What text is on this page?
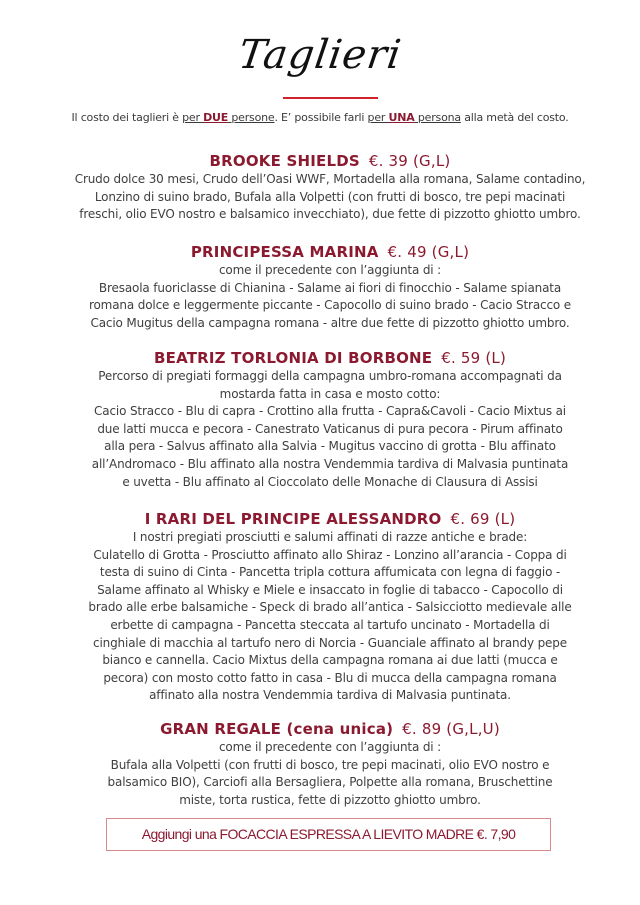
Taglieri
Il costo dei taglieri è per DUE persone. E’ possibile farli per UNA persona alla metà del costo.
BROOKE SHIELDS €. 39 (G,L)
Crudo dolce 30 mesi, Crudo dell’Oasi WWF, Mortadella alla romana, Salame contadino,
Lonzino di suino brado, Bufala alla Volpetti (con frutti di bosco, tre pepi macinati
freschi, olio EVO nostro e balsamico invecchiato), due fette di pizzotto ghiotto umbro.
PRINCIPESSA MARINA €. 49 (G,L)
come il precedente con l’aggiunta di :
Bresaola fuoriclasse di Chianina - Salame ai fiori di finocchio - Salame spianata
romana dolce e leggermente piccante - Capocollo di suino brado - Cacio Stracco e
Cacio Mugitus della campagna romana - altre due fette di pizzotto ghiotto umbro.
BEATRIZ TORLONIA DI BORBONE €. 59 (L)
Percorso di pregiati formaggi della campagna umbro-romana accompagnati da
mostarda fatta in casa e mosto cotto:
Cacio Stracco - Blu di capra - Crottino alla frutta - Capra&Cavoli - Cacio Mixtus ai
due latti mucca e pecora - Canestrato Vaticanus di pura pecora - Pirum affinato
alla pera - Salvus affinato alla Salvia - Mugitus vaccino di grotta - Blu affinato
all’Andromaco - Blu affinato alla nostra Vendemmia tardiva di Malvasia puntinata
e uvetta - Blu affinato al Cioccolato delle Monache di Clausura di Assisi
I RARI DEL PRINCIPE ALESSANDRO €. 69 (L)
I nostri pregiati prosciutti e salumi affinati di razze antiche e brade:
Culatello di Grotta - Prosciutto affinato allo Shiraz - Lonzino all’arancia - Coppa di
testa di suino di Cinta - Pancetta tripla cottura affumicata con legna di faggio -
Salame affinato al Whisky e Miele e insaccato in foglie di tabacco - Capocollo di
brado alle erbe balsamiche - Speck di brado all’antica - Salsicciotto medievale alle
erbette di campagna - Pancetta steccata al tartufo uncinato - Mortadella di
cinghiale di macchia al tartufo nero di Norcia - Guanciale affinato al brandy pepe
bianco e cannella. Cacio Mixtus della campagna romana ai due latti (mucca e
pecora) con mosto cotto fatto in casa - Blu di mucca della campagna romana
affinato alla nostra Vendemmia tardiva di Malvasia puntinata.
GRAN REGALE (cena unica) €. 89 (G,L,U)
come il precedente con l’aggiunta di :
Bufala alla Volpetti (con frutti di bosco, tre pepi macinati, olio EVO nostro e
balsamico BIO), Carciofi alla Bersagliera, Polpette alla romana, Bruschettine
miste, torta rustica, fette di pizzotto ghiotto umbro.
Aggiungi una FOCACCIA ESPRESSA A LIEVITO MADRE €. 7,90
